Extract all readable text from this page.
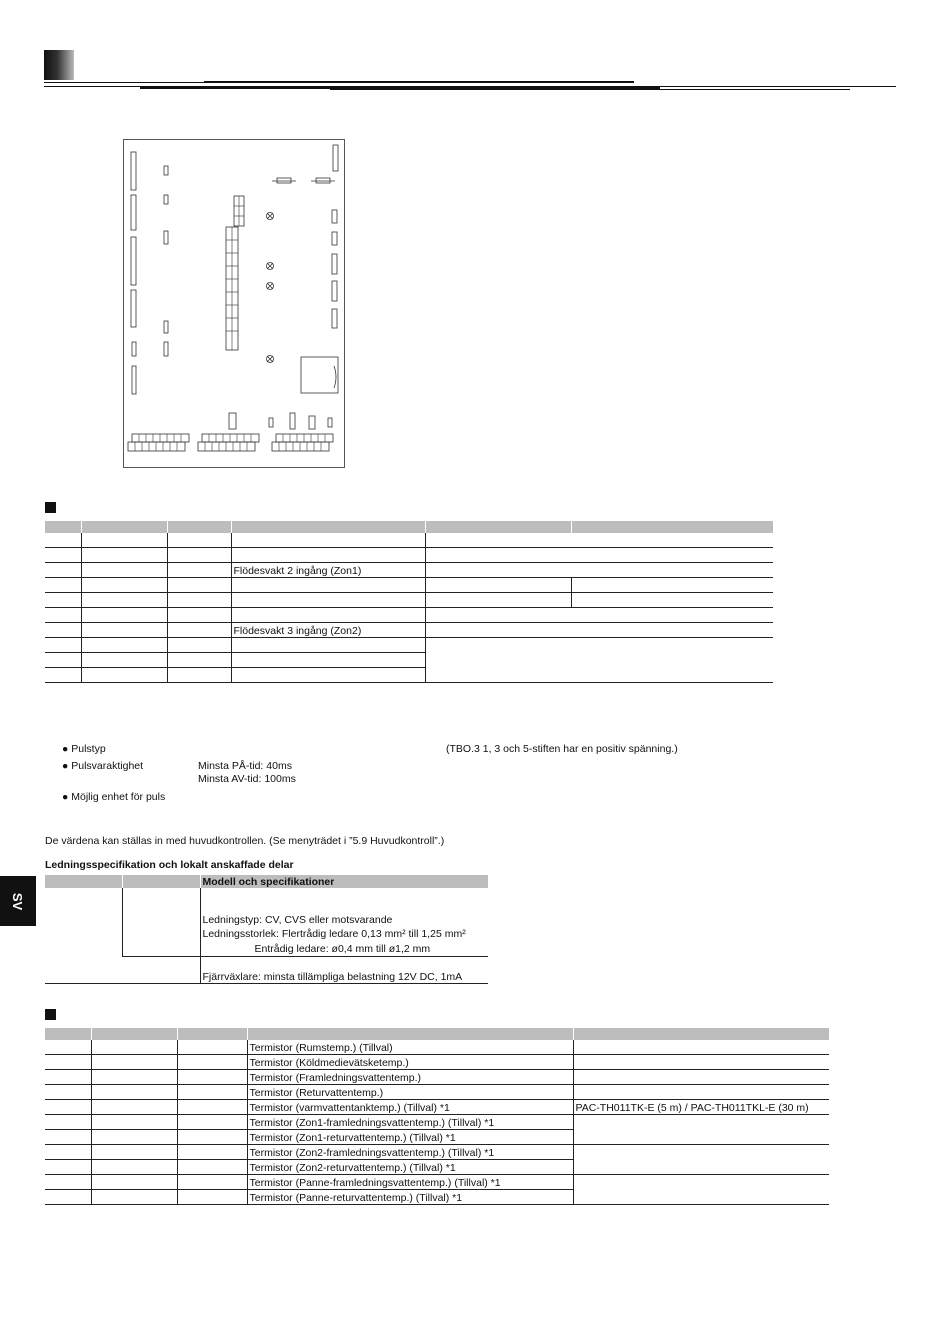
SV

			Flödesvakt 2 ingång (Zon1)		

			Flödesvakt 3 ingång (Zon2)		

● Pulstyp	(TBO.3 1, 3 och 5-stiften har en positiv spänning.)
● Pulsvaraktighet	Minsta PÅ-tid: 40ms
Minsta AV-tid: 100ms
● Möjlig enhet för puls
De värdena kan ställas in med huvudkontrollen. (Se menyträdet i ”5.9 Huvudkontroll”.)
Ledningsspecifikation och lokalt anskaffade delar
		Modell och specifikationer

		Ledningstyp: CV, CVS eller motsvarande
Ledningsstorlek: Flertrådig ledare 0,13 mm² till 1,25 mm²
Entrådig ledare: ø0,4 mm till ø1,2 mm

		Fjärrväxlare: minsta tillämpliga belastning 12V DC, 1mA

			Termistor (Rumstemp.) (Tillval)	
			Termistor (Köldmedievätsketemp.)	
			Termistor (Framledningsvattentemp.)	
			Termistor (Returvattentemp.)	
			Termistor (varmvattentanktemp.) (Tillval) *1	PAC-TH011TK-E (5 m) / PAC-TH011TKL-E (30 m)
			Termistor (Zon1-framledningsvattentemp.) (Tillval) *1	
			Termistor (Zon1-returvattentemp.) (Tillval) *1	
			Termistor (Zon2-framledningsvattentemp.) (Tillval) *1	
			Termistor (Zon2-returvattentemp.) (Tillval) *1	
			Termistor (Panne-framledningsvattentemp.) (Tillval) *1	
			Termistor (Panne-returvattentemp.) (Tillval) *1	
